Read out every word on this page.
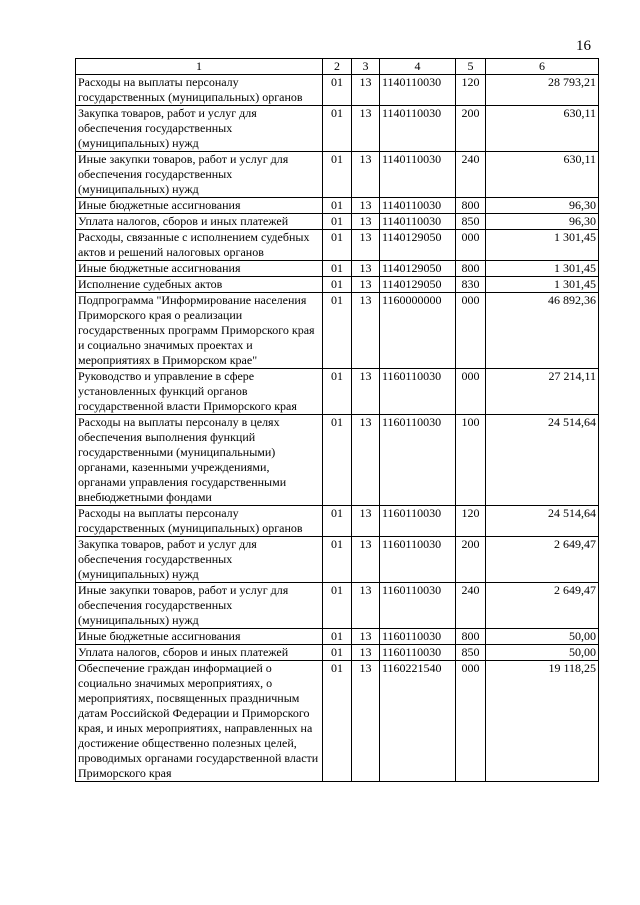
16
1	2	3	4	5	6
Расходы на выплаты персоналу государственных (муниципальных) органов	01	13	1140110030	120	28 793,21
Закупка товаров, работ и услуг для обеспечения государственных (муниципальных) нужд	01	13	1140110030	200	630,11
Иные закупки товаров, работ и услуг для обеспечения государственных (муниципальных) нужд	01	13	1140110030	240	630,11
Иные бюджетные ассигнования	01	13	1140110030	800	96,30
Уплата налогов, сборов и иных платежей	01	13	1140110030	850	96,30
Расходы, связанные с исполнением судебных актов и решений налоговых органов	01	13	1140129050	000	1 301,45
Иные бюджетные ассигнования	01	13	1140129050	800	1 301,45
Исполнение судебных актов	01	13	1140129050	830	1 301,45
Подпрограмма "Информирование населения Приморского края о реализации государственных программ Приморского края и социально значимых проектах и мероприятиях в Приморском крае"	01	13	1160000000	000	46 892,36
Руководство и управление в сфере установленных функций органов государственной власти Приморского края	01	13	1160110030	000	27 214,11
Расходы на выплаты персоналу в целях обеспечения выполнения функций государственными (муниципальными) органами, казенными учреждениями, органами управления государственными внебюджетными фондами	01	13	1160110030	100	24 514,64
Расходы на выплаты персоналу государственных (муниципальных) органов	01	13	1160110030	120	24 514,64
Закупка товаров, работ и услуг для обеспечения государственных (муниципальных) нужд	01	13	1160110030	200	2 649,47
Иные закупки товаров, работ и услуг для обеспечения государственных (муниципальных) нужд	01	13	1160110030	240	2 649,47
Иные бюджетные ассигнования	01	13	1160110030	800	50,00
Уплата налогов, сборов и иных платежей	01	13	1160110030	850	50,00
Обеспечение граждан информацией о социально значимых мероприятиях, о мероприятиях, посвященных праздничным датам Российской Федерации и Приморского края, и иных мероприятиях, направленных на достижение общественно полезных целей, проводимых органами государственной власти Приморского края	01	13	1160221540	000	19 118,25
